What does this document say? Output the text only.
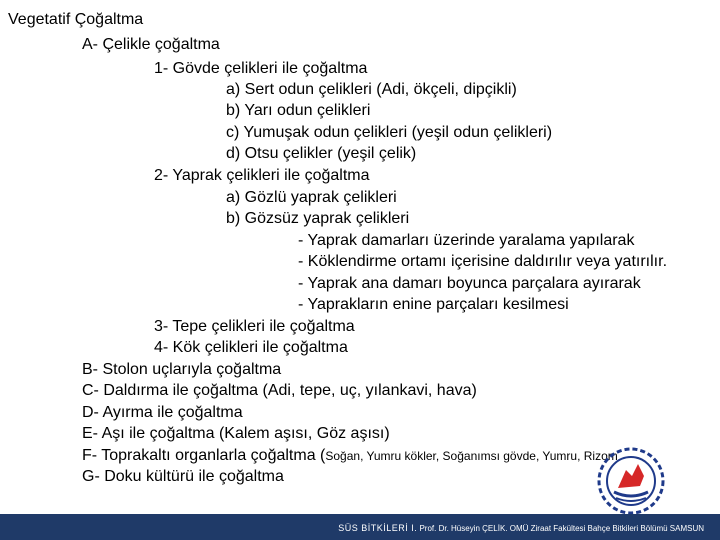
Vegetatif Çoğaltma
A- Çelikle çoğaltma
1- Gövde çelikleri ile çoğaltma
a) Sert odun çelikleri (Adi, ökçeli, dipçikli)
b) Yarı odun çelikleri
c) Yumuşak odun çelikleri (yeşil odun çelikleri)
d) Otsu çelikler (yeşil çelik)
2- Yaprak çelikleri ile çoğaltma
a) Gözlü yaprak çelikleri
b) Gözsüz yaprak çelikleri
- Yaprak damarları üzerinde yaralama yapılarak
- Köklendirme ortamı içerisine daldırılır veya yatırılır.
- Yaprak ana damarı boyunca parçalara ayırarak
- Yaprakların enine parçaları kesilmesi
3- Tepe çelikleri ile çoğaltma
4- Kök çelikleri ile çoğaltma
B- Stolon uçlarıyla çoğaltma
C- Daldırma ile çoğaltma (Adi, tepe, uç, yılankavi, hava)
D- Ayırma ile çoğaltma
E- Aşı ile çoğaltma (Kalem aşısı, Göz aşısı)
F- Toprakaltı organlarla çoğaltma (Soğan, Yumru kökler, Soğanımsı gövde, Yumru, Rizom
G- Doku kültürü ile çoğaltma
SÜS BİTKİLERİ I. Prof. Dr. Hüseyin ÇELİK. OMÜ Ziraat Fakültesi Bahçe Bitkileri Bölümü SAMSUN
